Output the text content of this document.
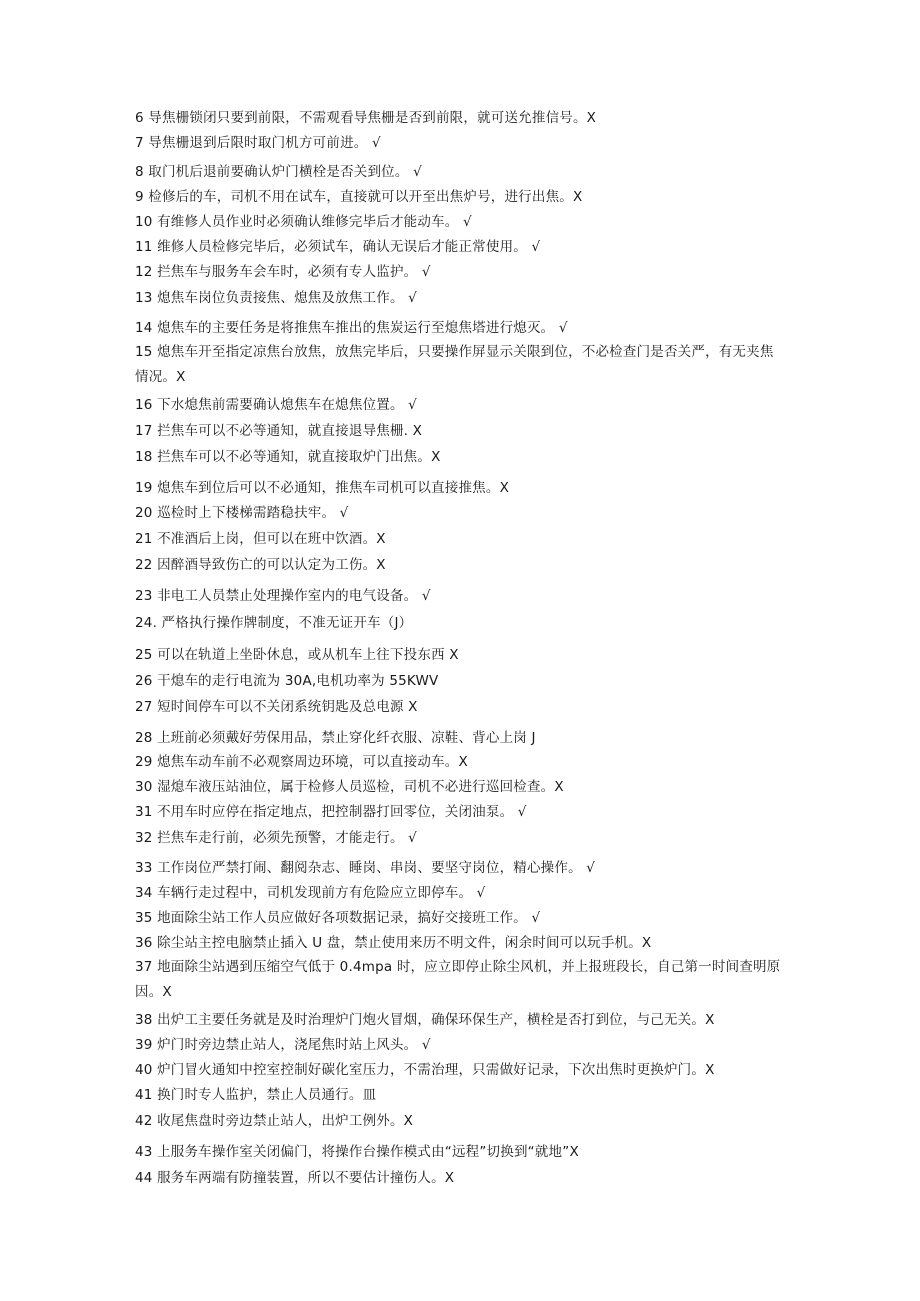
6 导焦栅锁闭只要到前限，不需观看导焦栅是否到前限，就可送允推信号。X
7 导焦栅退到后限时取门机方可前进。 √
8 取门机后退前要确认炉门横栓是否关到位。 √
9 检修后的车，司机不用在试车，直接就可以开至出焦炉号，进行出焦。X
10 有维修人员作业时必须确认维修完毕后才能动车。 √
11 维修人员检修完毕后，必须试车，确认无误后才能正常使用。 √
12 拦焦车与服务车会车时，必须有专人监护。 √
13 熄焦车岗位负责接焦、熄焦及放焦工作。 √
14 熄焦车的主要任务是将推焦车推出的焦炭运行至熄焦塔进行熄灭。 √
15 熄焦车开至指定凉焦台放焦，放焦完毕后，只要操作屏显示关限到位，不必检查门是否关严，有无夹焦情况。X
16 下水熄焦前需要确认熄焦车在熄焦位置。 √
17 拦焦车可以不必等通知，就直接退导焦栅. X
18 拦焦车可以不必等通知，就直接取炉门出焦。X
19 熄焦车到位后可以不必通知，推焦车司机可以直接推焦。X
20 巡检时上下楼梯需踏稳扶牢。 √
21 不准酒后上岗，但可以在班中饮酒。X
22 因醉酒导致伤亡的可以认定为工伤。X
23 非电工人员禁止处理操作室内的电气设备。 √
24. 严格执行操作牌制度，不准无证开车（J）
25 可以在轨道上坐卧休息，或从机车上往下投东西 X
26 干熄车的走行电流为 30A,电机功率为 55KWV
27 短时间停车可以不关闭系统钥匙及总电源 X
28 上班前必须戴好劳保用品，禁止穿化纤衣服、凉鞋、背心上岗 J
29 熄焦车动车前不必观察周边环境，可以直接动车。X
30 湿熄车液压站油位，属于检修人员巡检，司机不必进行巡回检查。X
31 不用车时应停在指定地点，把控制器打回零位，关闭油泵。 √
32 拦焦车走行前，必须先预警，才能走行。 √
33 工作岗位严禁打闹、翻阅杂志、睡岗、串岗、要坚守岗位，精心操作。 √
34 车辆行走过程中，司机发现前方有危险应立即停车。 √
35 地面除尘站工作人员应做好各项数据记录，搞好交接班工作。 √
36 除尘站主控电脑禁止插入 U 盘，禁止使用来历不明文件，闲余时间可以玩手机。X
37 地面除尘站遇到压缩空气低于 0.4mpa 时，应立即停止除尘风机，并上报班段长，自己第一时间查明原因。X
38 出炉工主要任务就是及时治理炉门炮火冒烟，确保环保生产，横栓是否打到位，与己无关。X
39 炉门时旁边禁止站人，浇尾焦时站上风头。 √
40 炉门冒火通知中控室控制好碳化室压力，不需治理，只需做好记录，下次出焦时更换炉门。X
41 换门时专人监护，禁止人员通行。皿
42 收尾焦盘时旁边禁止站人，出炉工例外。X
43 上服务车操作室关闭偏门，将操作台操作模式由“远程”切换到“就地”X
44 服务车两端有防撞装置，所以不要估计撞伤人。X
